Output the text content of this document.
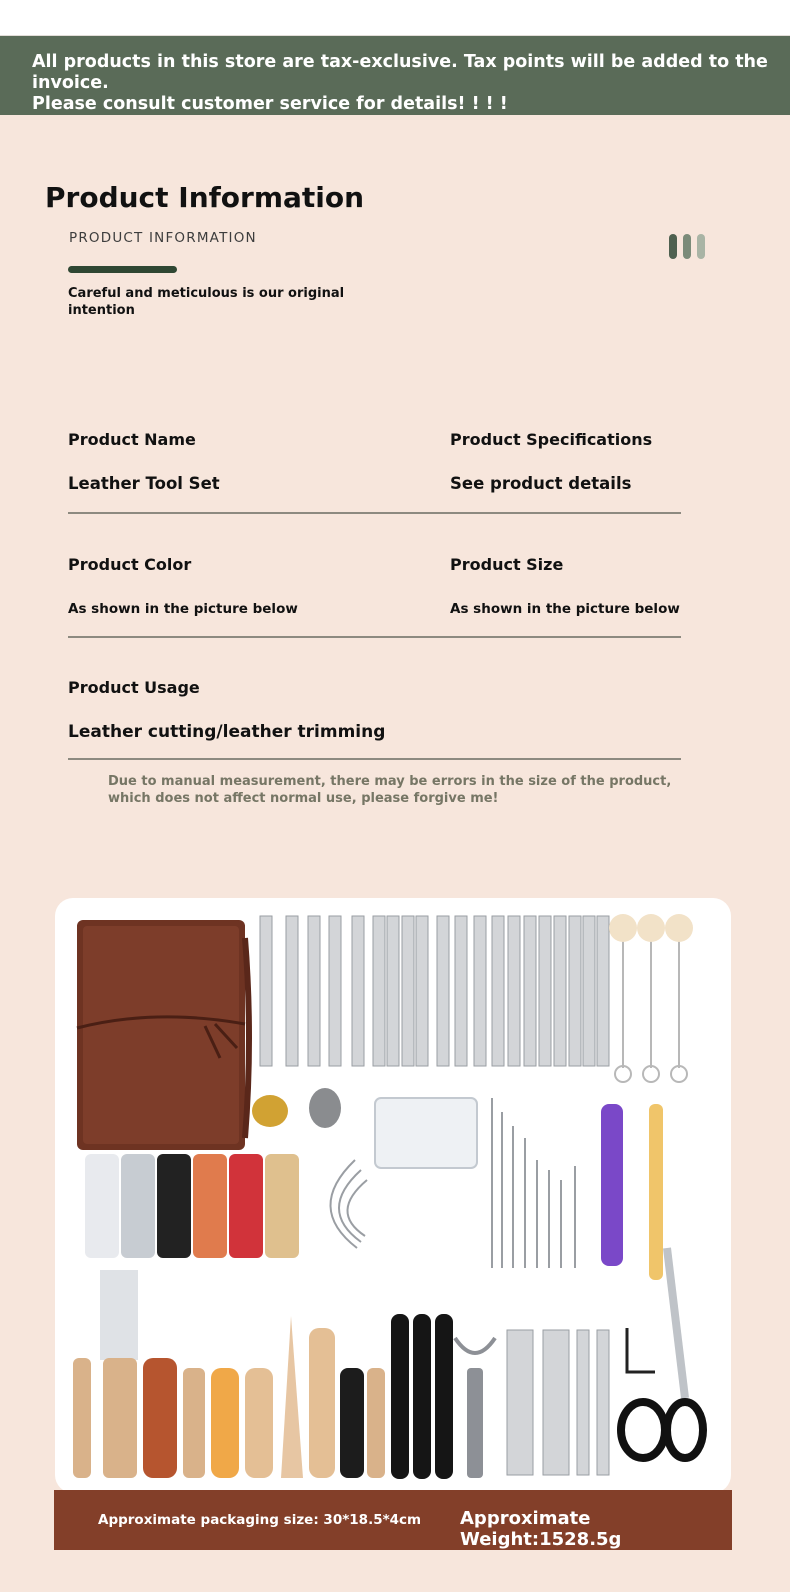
All products in this store are tax-exclusive. Tax points will be added to the invoice.
Please consult customer service for details! ! ! !
Product Information
PRODUCT INFORMATION
Careful and meticulous is our original intention
Product Name
Leather Tool Set
Product Specifications
See product details
Product Color
As shown in the picture below
Product Size
As shown in the picture below
Product Usage
Leather cutting/leather trimming
Due to manual measurement, there may be errors in the size of the product, which does not affect normal use, please forgive me!
Approximate packaging size: 30*18.5*4cm Approximate Weight:1528.5g
